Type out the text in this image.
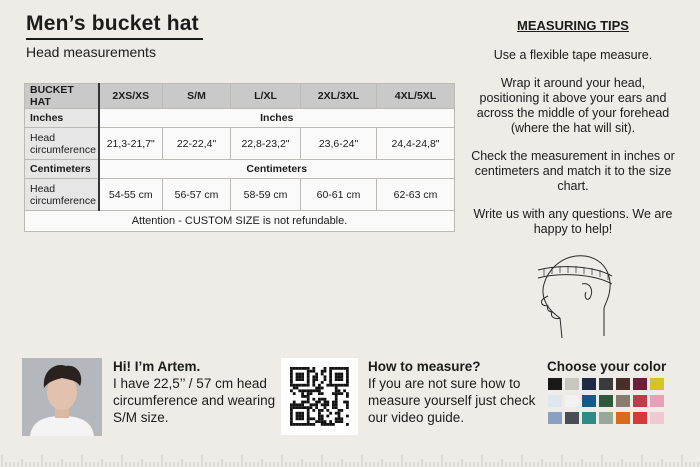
Men’s bucket hat
Head measurements
BUCKET HAT	2XS/XS	S/M	L/XL	2XL/3XL	4XL/5XL
Inches	Inches				
Head circumference	21,3-21,7"	22-22,4"	22,8-23,2"	23,6-24"	24,4-24,8"
Centimeters	Centimeters				
Head circumference	54-55 cm	56-57 cm	58-59 cm	60-61 cm	62-63 cm
Attention - CUSTOM SIZE is not refundable.					
MEASURING TIPS
Use a flexible tape measure.
Wrap it around your head, positioning it above your ears and across the middle of your forehead (where the hat will sit).
Check the measurement in inches or centimeters and match it to the size chart.
Write us with any questions. We are happy to help!
Hi! I’m Artem.
I have 22,5’’ / 57 cm head circumference and wearing S/M size.
How to measure?
If you are not sure how to measure yourself just check our video guide.
Choose your color
